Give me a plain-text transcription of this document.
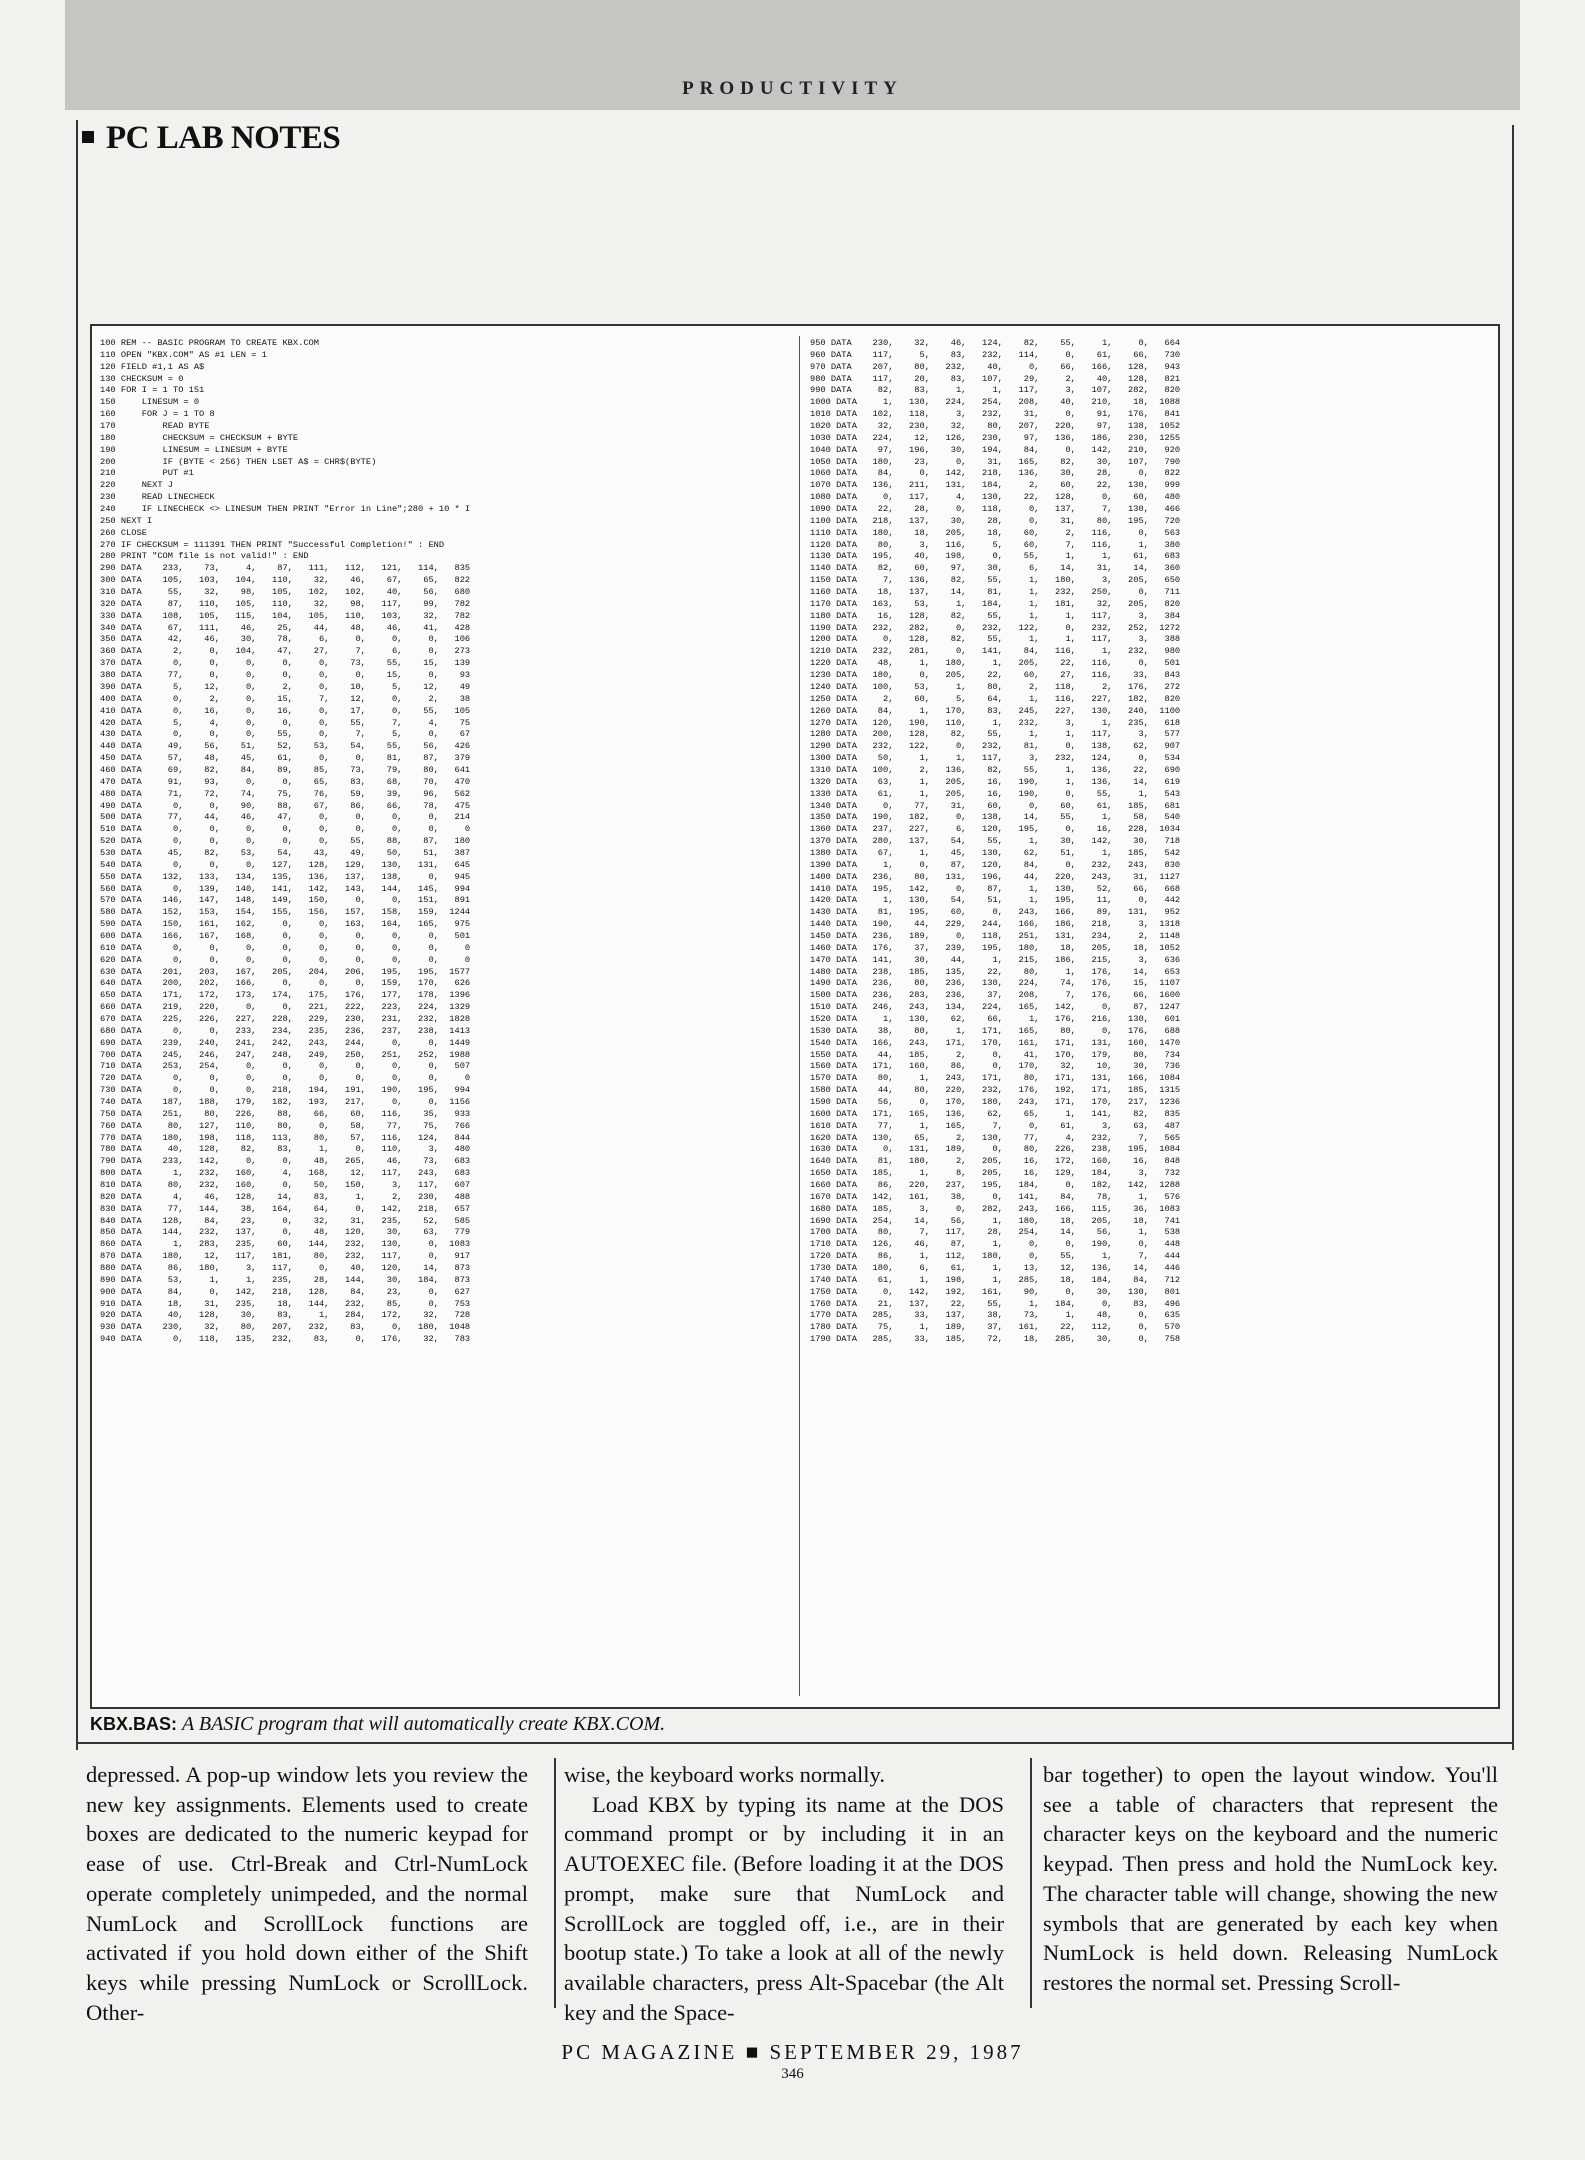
PRODUCTIVITY
PC LAB NOTES
100 REM -- BASIC PROGRAM TO CREATE KBX.COM
110 OPEN "KBX.COM" AS #1 LEN = 1
120 FIELD #1,1 AS A$
130 CHECKSUM = 0
140 FOR I = 1 TO 151
150     LINESUM = 0
160     FOR J = 1 TO 8
170         READ BYTE
180         CHECKSUM = CHECKSUM + BYTE
190         LINESUM = LINESUM + BYTE
200         IF (BYTE < 256) THEN LSET A$ = CHR$(BYTE)
210         PUT #1
220     NEXT J
230     READ LINECHECK
240     IF LINECHECK <> LINESUM THEN PRINT "Error in Line";280 + 10 * I
250 NEXT I
260 CLOSE
270 IF CHECKSUM = 111391 THEN PRINT "Successful Completion!" : END
280 PRINT "COM file is not valid!" : END
290 DATA    233,    73,     4,    87,   111,   112,   121,   114,   835
300 DATA    105,   103,   104,   110,    32,    46,    67,    65,   822
310 DATA     55,    32,    98,   105,   102,   102,    40,    56,   680
320 DATA     87,   110,   105,   110,    32,    98,   117,    99,   782
330 DATA    108,   105,   115,   104,   105,   110,   103,    32,   782
340 DATA     67,   111,    46,    25,    44,    48,    46,    41,   428
350 DATA     42,    46,    30,    78,     6,     0,     0,     0,   106
360 DATA      2,     0,   104,    47,    27,     7,     6,     0,   273
370 DATA      0,     0,     0,     0,     0,    73,    55,    15,   139
380 DATA     77,     0,     0,     0,     0,     0,    15,     0,    93
390 DATA      5,    12,     0,     2,     0,    10,     5,    12,    49
400 DATA      0,     2,     0,    15,     7,    12,     0,     2,    38
410 DATA      0,    16,     0,    16,     0,    17,     0,    55,   105
420 DATA      5,     4,     0,     0,     0,    55,     7,     4,    75
430 DATA      0,     0,     0,    55,     0,     7,     5,     0,    67
440 DATA     49,    56,    51,    52,    53,    54,    55,    56,   426
450 DATA     57,    48,    45,    61,     0,     0,    81,    87,   379
460 DATA     69,    82,    84,    89,    85,    73,    79,    80,   641
470 DATA     91,    93,     0,     0,    65,    83,    68,    70,   470
480 DATA     71,    72,    74,    75,    76,    59,    39,    96,   562
490 DATA      0,     0,    90,    88,    67,    86,    66,    78,   475
500 DATA     77,    44,    46,    47,     0,     0,     0,     0,   214
510 DATA      0,     0,     0,     0,     0,     0,     0,     0,     0
520 DATA      0,     0,     0,     0,     0,    55,    88,    87,   180
530 DATA     45,    82,    53,    54,    43,    49,    50,    51,   387
540 DATA      0,     0,     0,   127,   128,   129,   130,   131,   645
550 DATA    132,   133,   134,   135,   136,   137,   138,     0,   945
560 DATA      0,   139,   140,   141,   142,   143,   144,   145,   994
570 DATA    146,   147,   148,   149,   150,     0,     0,   151,   891
580 DATA    152,   153,   154,   155,   156,   157,   158,   159,  1244
590 DATA    150,   161,   162,     0,     0,   163,   164,   165,   975
600 DATA    166,   167,   168,     0,     0,     0,     0,     0,   501
610 DATA      0,     0,     0,     0,     0,     0,     0,     0,     0
620 DATA      0,     0,     0,     0,     0,     0,     0,     0,     0
630 DATA    201,   203,   167,   205,   204,   206,   195,   195,  1577
640 DATA    200,   202,   166,     0,     0,     0,   159,   170,   626
650 DATA    171,   172,   173,   174,   175,   176,   177,   178,  1396
660 DATA    219,   220,     0,     0,   221,   222,   223,   224,  1329
670 DATA    225,   226,   227,   228,   229,   230,   231,   232,  1828
680 DATA      0,     0,   233,   234,   235,   236,   237,   238,  1413
690 DATA    239,   240,   241,   242,   243,   244,     0,     0,  1449
700 DATA    245,   246,   247,   248,   249,   250,   251,   252,  1988
710 DATA    253,   254,     0,     0,     0,     0,     0,     0,   507
720 DATA      0,     0,     0,     0,     0,     0,     0,     0,     0
730 DATA      0,     0,     0,   218,   194,   191,   190,   195,   994
740 DATA    187,   188,   179,   182,   193,   217,     0,     0,  1156
750 DATA    251,    80,   226,    88,    66,    60,   116,    35,   933
760 DATA     80,   127,   110,    80,     0,    58,    77,    75,   766
770 DATA    180,   198,   118,   113,    80,    57,   116,   124,   844
780 DATA     40,   128,    82,    83,     1,     0,   110,     3,   480
790 DATA    233,   142,     0,     0,    48,   265,    46,    73,   683
800 DATA      1,   232,   160,     4,   168,    12,   117,   243,   683
810 DATA     80,   232,   160,     0,    50,   150,     3,   117,   607
820 DATA      4,    46,   128,    14,    83,     1,     2,   230,   488
830 DATA     77,   144,    38,   164,    64,     0,   142,   218,   657
840 DATA    128,    84,    23,     0,    32,    31,   235,    52,   585
850 DATA    144,   232,   137,     0,    48,   120,    30,    63,   779
860 DATA      1,   283,   235,    60,   144,   232,   130,     0,  1083
870 DATA    180,    12,   117,   181,    80,   232,   117,     0,   917
880 DATA     86,   180,     3,   117,     0,    40,   120,    14,   873
890 DATA     53,     1,     1,   235,    28,   144,    30,   184,   873
900 DATA     84,     0,   142,   218,   128,    84,    23,     0,   627
910 DATA     18,    31,   235,    18,   144,   232,    85,     0,   753
920 DATA     40,   128,    30,    83,     1,   284,   172,    32,   728
930 DATA    230,    32,    80,   207,   232,    83,     0,   180,  1048
940 DATA      0,   118,   135,   232,    83,     0,   176,    32,   783
950 DATA    230,    32,    46,   124,    82,    55,     1,     0,   664
960 DATA    117,     5,    83,   232,   114,     0,    61,    66,   730
970 DATA    207,    80,   232,    40,     0,    66,   166,   128,   943
980 DATA    117,    20,    83,   107,    29,     2,    40,   128,   821
990 DATA     82,    83,     1,     1,   117,     3,   107,   282,   820
1000 DATA     1,   130,   224,   254,   208,    40,   210,    18,  1088
1010 DATA   102,   118,     3,   232,    31,     0,    91,   176,   841
1020 DATA    32,   230,    32,    80,   207,   220,    97,   138,  1052
1030 DATA   224,    12,   126,   230,    97,   136,   186,   230,  1255
1040 DATA    97,   196,    30,   194,    84,     0,   142,   210,   920
1050 DATA   180,    23,     0,    31,   165,    82,    30,   107,   790
1060 DATA    84,     0,   142,   218,   136,    30,    28,     0,   822
1070 DATA   136,   211,   131,   184,     2,    60,    22,   130,   999
1080 DATA     0,   117,     4,   130,    22,   128,     0,    60,   480
1090 DATA    22,    28,     0,   118,     0,   137,     7,   130,   466
1100 DATA   218,   137,    30,    28,     0,    31,    80,   195,   720
1110 DATA   180,    18,   205,    18,    60,     2,   116,     0,   563
1120 DATA    80,     3,   116,     5,    60,     7,   116,     1,   380
1130 DATA   195,    40,   198,     0,    55,     1,     1,    61,   683
1140 DATA    82,    60,    97,    30,     6,    14,    31,    14,   360
1150 DATA     7,   136,    82,    55,     1,   180,     3,   205,   650
1160 DATA    18,   137,    14,    81,     1,   232,   250,     0,   711
1170 DATA   163,    53,     1,   184,     1,   181,    32,   205,   820
1180 DATA    16,   128,    82,    55,     1,     1,   117,     3,   384
1190 DATA   232,   282,     0,   232,   122,     0,   232,   252,  1272
1200 DATA     0,   128,    82,    55,     1,     1,   117,     3,   388
1210 DATA   232,   281,     0,   141,    84,   116,     1,   232,   980
1220 DATA    48,     1,   180,     1,   205,    22,   116,     0,   501
1230 DATA   180,     0,   205,    22,    60,    27,   116,    33,   843
1240 DATA   100,    53,     1,    80,     2,   118,     2,   176,   272
1250 DATA     2,    60,     5,    64,     1,   116,   227,   182,   820
1260 DATA    84,     1,   170,    83,   245,   227,   130,   240,  1100
1270 DATA   120,   190,   110,     1,   232,     3,     1,   235,   618
1280 DATA   200,   128,    82,    55,     1,     1,   117,     3,   577
1290 DATA   232,   122,     0,   232,    81,     0,   138,    62,   907
1300 DATA    50,     1,     1,   117,     3,   232,   124,     0,   534
1310 DATA   100,     2,   136,    82,    55,     1,   136,    22,   690
1320 DATA    63,     1,   205,    16,   190,     1,   136,    14,   619
1330 DATA    61,     1,   205,    16,   190,     0,    55,     1,   543
1340 DATA     0,    77,    31,    60,     0,    60,    61,   185,   681
1350 DATA   190,   182,     0,   138,    14,    55,     1,    58,   540
1360 DATA   237,   227,     6,   120,   195,     0,    16,   228,  1034
1370 DATA   280,   137,    54,    55,     1,    30,   142,    30,   718
1380 DATA    67,     1,    45,   130,    62,    51,     1,   185,   542
1390 DATA     1,     0,    87,   120,    84,     0,   232,   243,   830
1400 DATA   236,    80,   131,   196,    44,   220,   243,    31,  1127
1410 DATA   195,   142,     0,    87,     1,   130,    52,    66,   668
1420 DATA     1,   130,    54,    51,     1,   195,    11,     0,   442
1430 DATA    81,   195,    60,     0,   243,   166,    89,   131,   952
1440 DATA   190,    44,   229,   244,   166,   186,   218,     3,  1318
1450 DATA   236,   189,     0,   118,   251,   131,   234,     2,  1148
1460 DATA   176,    37,   239,   195,   180,    18,   205,    18,  1052
1470 DATA   141,    30,    44,     1,   215,   186,   215,     3,   636
1480 DATA   238,   185,   135,    22,    80,     1,   176,    14,   653
1490 DATA   236,    80,   236,   130,   224,    74,   176,    15,  1107
1500 DATA   236,   283,   236,    37,   208,     7,   176,    66,  1600
1510 DATA   246,   243,   134,   224,   165,   142,     0,    87,  1247
1520 DATA     1,   130,    62,    66,     1,   176,   216,   130,   601
1530 DATA    38,    80,     1,   171,   165,    80,     0,   176,   688
1540 DATA   166,   243,   171,   170,   161,   171,   131,   160,  1470
1550 DATA    44,   185,     2,     0,    41,   170,   179,    80,   734
1560 DATA   171,   160,    86,     0,   170,    32,    10,    30,   736
1570 DATA    80,     1,   243,   171,    80,   171,   131,   166,  1084
1580 DATA    44,    80,   220,   232,   176,   192,   171,   185,  1315
1590 DATA    56,     0,   170,   180,   243,   171,   170,   217,  1236
1600 DATA   171,   165,   136,    62,    65,     1,   141,    82,   835
1610 DATA    77,     1,   165,     7,     0,    61,     3,    63,   487
1620 DATA   130,    65,     2,   130,    77,     4,   232,     7,   565
1630 DATA     0,   131,   189,     0,    80,   226,   238,   195,  1084
1640 DATA    81,   180,     2,   205,    16,   172,   160,    16,   848
1650 DATA   185,     1,     8,   205,    16,   129,   184,     3,   732
1660 DATA    86,   220,   237,   195,   184,     0,   182,   142,  1288
1670 DATA   142,   161,    38,     0,   141,    84,    78,     1,   576
1680 DATA   185,     3,     0,   282,   243,   166,   115,    36,  1083
1690 DATA   254,    14,    56,     1,   180,    18,   205,    18,   741
1700 DATA    80,     7,   117,    28,   254,    14,    56,     1,   538
1710 DATA   126,    46,    87,     1,     0,     0,   190,     0,   448
1720 DATA    86,     1,   112,   180,     0,    55,     1,     7,   444
1730 DATA   180,     6,    61,     1,    13,    12,   136,    14,   446
1740 DATA    61,     1,   198,     1,   285,    18,   184,    84,   712
1750 DATA     0,   142,   192,   161,    90,     0,    30,   130,   801
1760 DATA    21,   137,    22,    55,     1,   184,     0,    83,   496
1770 DATA   285,    33,   137,    38,    73,     1,    48,     0,   635
1780 DATA    75,     1,   189,    37,   161,    22,   112,     0,   570
1790 DATA   285,    33,   185,    72,    18,   285,    30,     0,   758
KBX.BAS: A BASIC program that will automatically create KBX.COM.

depressed. A pop-up window lets you review the new key assignments. Elements used to create boxes are dedicated to the numeric keypad for ease of use. Ctrl-Break and Ctrl-NumLock operate completely unimpeded, and the normal NumLock and ScrollLock functions are activated if you hold down either of the Shift keys while pressing NumLock or ScrollLock. Other-

wise, the keyboard works normally.

Load KBX by typing its name at the DOS command prompt or by including it in an AUTOEXEC file. (Before loading it at the DOS prompt, make sure that NumLock and ScrollLock are toggled off, i.e., are in their bootup state.) To take a look at all of the newly available characters, press Alt-Spacebar (the Alt key and the Space-

bar together) to open the layout window. You'll see a table of characters that represent the character keys on the keyboard and the numeric keypad. Then press and hold the NumLock key. The character table will change, showing the new symbols that are generated by each key when NumLock is held down. Releasing NumLock restores the normal set. Pressing Scroll-

PC MAGAZINE ■ SEPTEMBER 29, 1987
346
